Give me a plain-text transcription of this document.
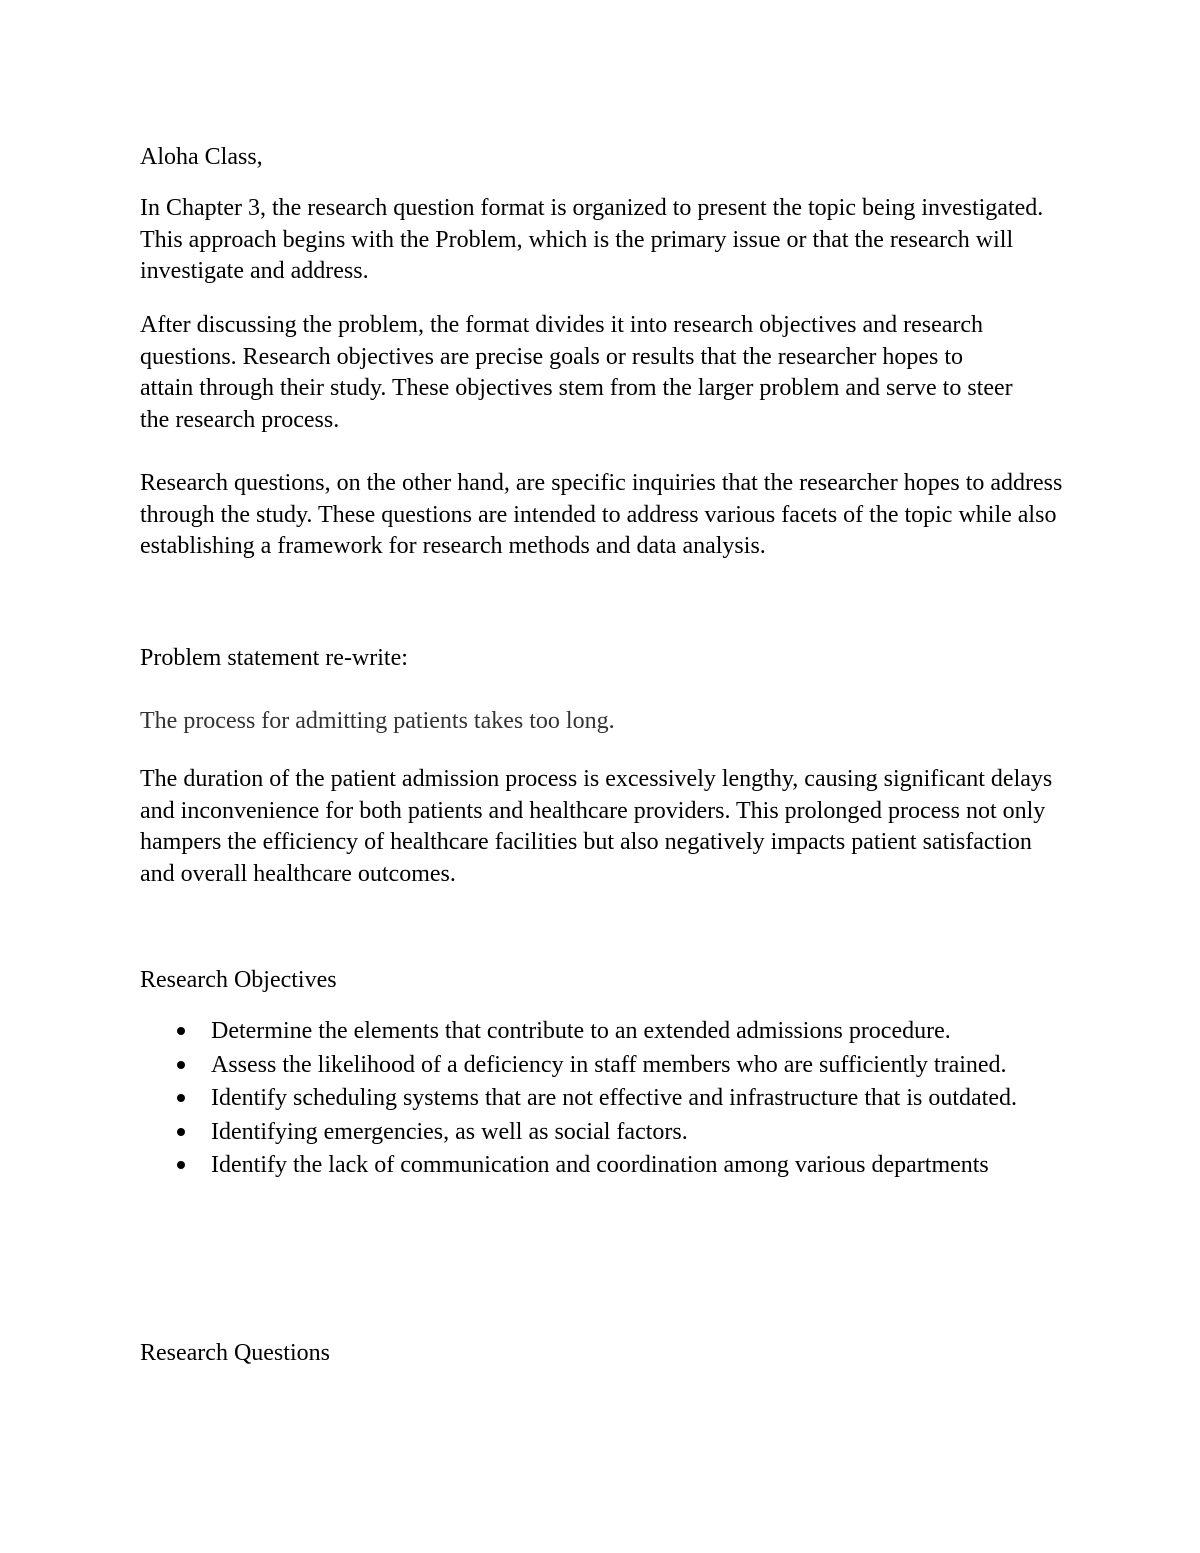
Aloha Class,
In Chapter 3, the research question format is organized to present the topic being investigated. This approach begins with the Problem, which is the primary issue or that the research will investigate and address.
After discussing the problem, the format divides it into research objectives and research questions. Research objectives are precise goals or results that the researcher hopes to attain through their study. These objectives stem from the larger problem and serve to steer the research process.
Research questions, on the other hand, are specific inquiries that the researcher hopes to address through the study. These questions are intended to address various facets of the topic while also establishing a framework for research methods and data analysis.
Problem statement re-write:
The process for admitting patients takes too long.
The duration of the patient admission process is excessively lengthy, causing significant delays and inconvenience for both patients and healthcare providers. This prolonged process not only hampers the efficiency of healthcare facilities but also negatively impacts patient satisfaction and overall healthcare outcomes.
Research Objectives
Determine the elements that contribute to an extended admissions procedure.
Assess the likelihood of a deficiency in staff members who are sufficiently trained.
Identify scheduling systems that are not effective and infrastructure that is outdated.
Identifying emergencies, as well as social factors.
Identify the lack of communication and coordination among various departments
Research Questions
